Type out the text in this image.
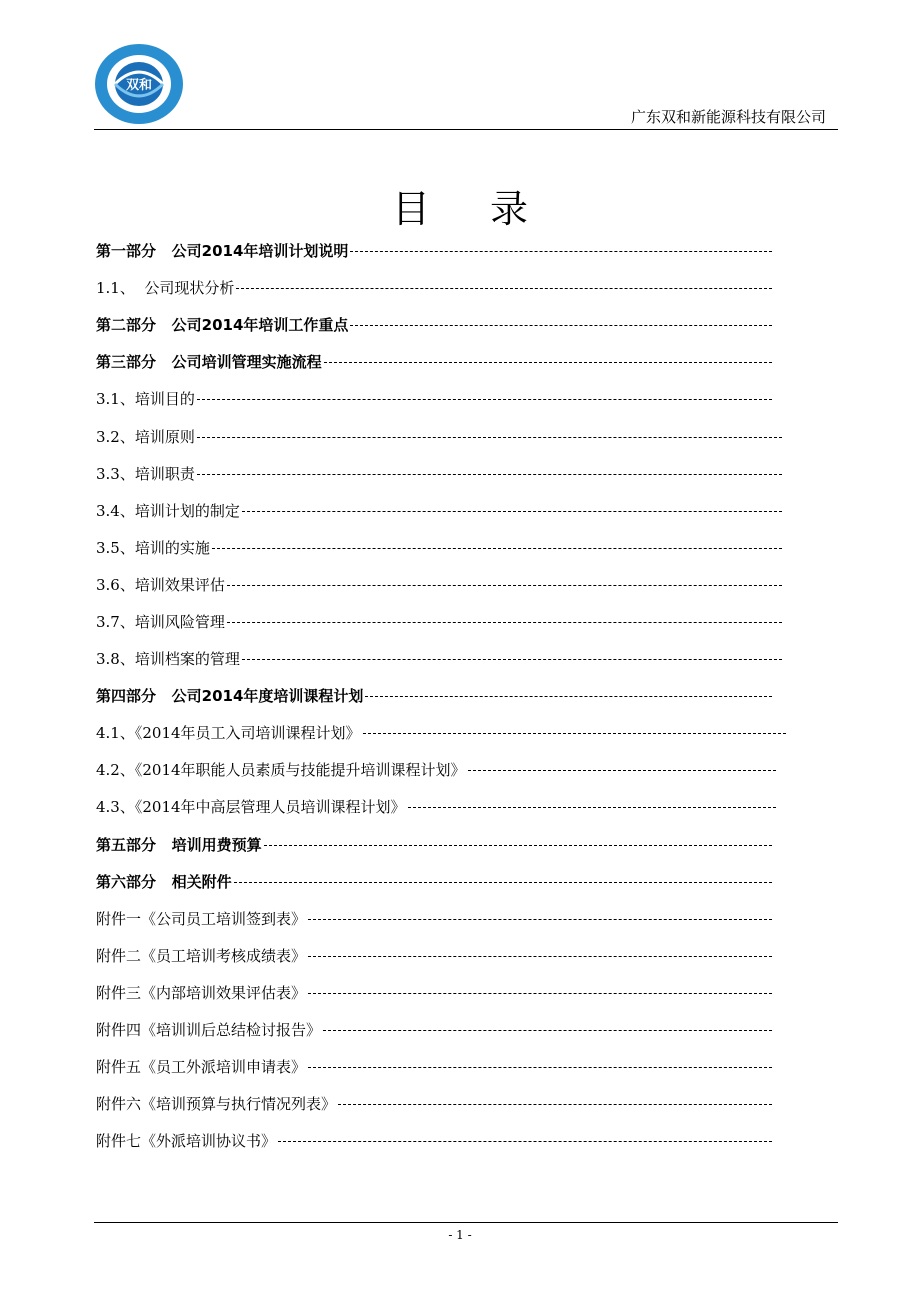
双和
广东双和新能源科技有限公司
目录
第一部分   公司2014年培训计划说明
1.1、  公司现状分析
第二部分   公司2014年培训工作重点
第三部分   公司培训管理实施流程
3.1、培训目的
3.2、培训原则
3.3、培训职责
3.4、培训计划的制定
3.5、培训的实施
3.6、培训效果评估
3.7、培训风险管理
3.8、培训档案的管理
第四部分   公司2014年度培训课程计划
4.1、《2014年员工入司培训课程计划》
4.2、《2014年职能人员素质与技能提升培训课程计划》
4.3、《2014年中高层管理人员培训课程计划》
第五部分   培训用费预算
第六部分   相关附件
附件一《公司员工培训签到表》
附件二《员工培训考核成绩表》
附件三《内部培训效果评估表》
附件四《培训训后总结检讨报告》
附件五《员工外派培训申请表》
附件六《培训预算与执行情况列表》
附件七《外派培训协议书》
- 1 -
